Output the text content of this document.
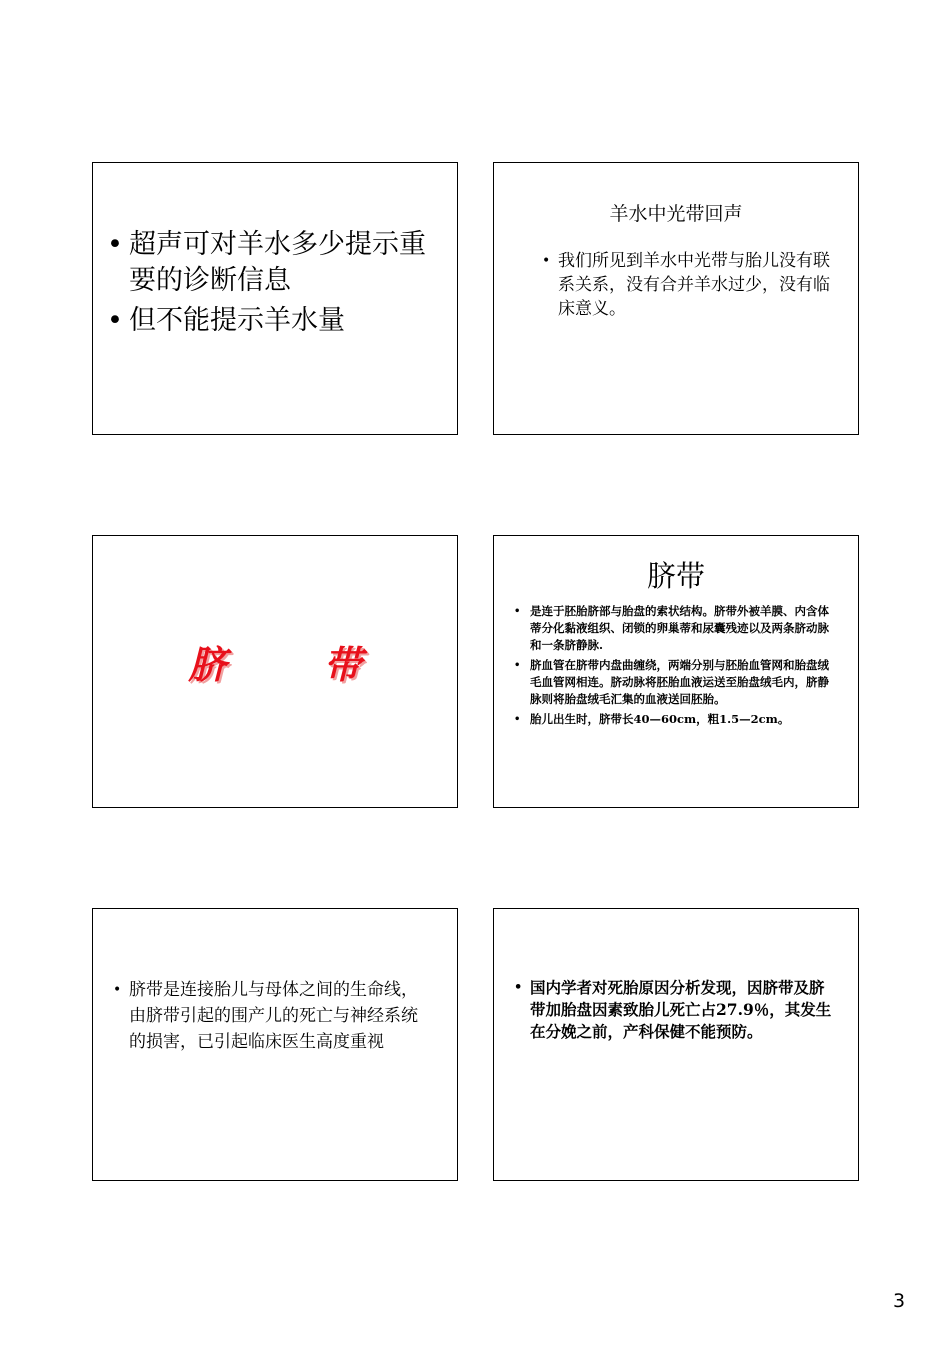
• 超声可对羊水多少提示重要的诊断信息
• 但不能提示羊水量
羊水中光带回声
• 我们所见到羊水中光带与胎儿没有联系关系，没有合并羊水过少，没有临床意义。
脐 带
脐带
• 是连于胚胎脐部与胎盘的索状结构。脐带外被羊膜、内含体蒂分化黏液组织、闭锁的卵巢蒂和尿囊残迹以及两条脐动脉和一条脐静脉.
• 脐血管在脐带内盘曲缠绕，两端分别与胚胎血管网和胎盘绒毛血管网相连。脐动脉将胚胎血液运送至胎盘绒毛内，脐静脉则将胎盘绒毛汇集的血液送回胚胎。
• 胎儿出生时，脐带长40—60cm，粗1.5—2cm。
• 脐带是连接胎儿与母体之间的生命线，由脐带引起的围产儿的死亡与神经系统的损害，已引起临床医生高度重视
• 国内学者对死胎原因分析发现，因脐带及脐带加胎盘因素致胎儿死亡占27.9％，其发生在分娩之前，产科保健不能预防。
3
